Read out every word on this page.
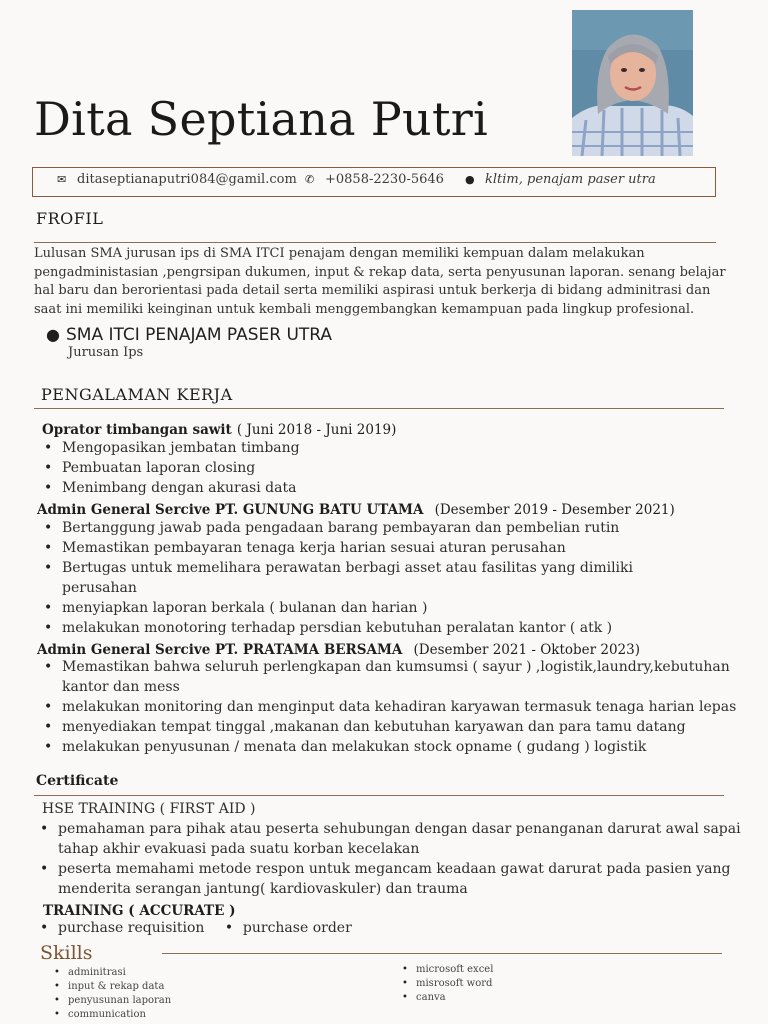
Dita Septiana Putri
✉ ditaseptianaputri084@gamil.com ✆ +0858-2230-5646 ● kltim, penajam paser utra
FROFIL
Lulusan SMA jurusan ips di SMA ITCI penajam dengan memiliki kempuan dalam melakukan
pengadministasian ,pengrsipan dukumen, input & rekap data, serta penyusunan laporan. senang belajar
hal baru dan berorientasi pada detail serta memiliki aspirasi untuk berkerja di bidang adminitrasi dan
saat ini memiliki keinginan untuk kembali menggembangkan kemampuan pada lingkup profesional.
● SMA ITCI PENAJAM PASER UTRA
Jurusan Ips
PENGALAMAN KERJA
Oprator timbangan sawit ( Juni 2018 - Juni 2019)
• Mengopasikan jembatan timbang
• Pembuatan laporan closing
• Menimbang dengan akurasi data
Admin General Sercive PT. GUNUNG BATU UTAMA (Desember 2019 - Desember 2021)
• Bertanggung jawab pada pengadaan barang pembayaran dan pembelian rutin
• Memastikan pembayaran tenaga kerja harian sesuai aturan perusahan
• Bertugas untuk memelihara perawatan berbagi asset atau fasilitas yang dimiliki
perusahan
• menyiapkan laporan berkala ( bulanan dan harian )
• melakukan monotoring terhadap persdian kebutuhan peralatan kantor ( atk )
Admin General Sercive PT. PRATAMA BERSAMA (Desember 2021 - Oktober 2023)
• Memastikan bahwa seluruh perlengkapan dan kumsumsi ( sayur ) ,logistik,laundry,kebutuhan
kantor dan mess
• melakukan monitoring dan menginput data kehadiran karyawan termasuk tenaga harian lepas
• menyediakan tempat tinggal ,makanan dan kebutuhan karyawan dan para tamu datang
• melakukan penyusunan / menata dan melakukan stock opname ( gudang ) logistik
Certificate
HSE TRAINING ( FIRST AID )
• pemahaman para pihak atau peserta sehubungan dengan dasar penanganan darurat awal sapai
tahap akhir evakuasi pada suatu korban kecelakan
• peserta memahami metode respon untuk megancam keadaan gawat darurat pada pasien yang
menderita serangan jantung( kardiovaskuler) dan trauma
TRAINING ( ACCURATE )
• purchase requisition •	purchase order
Skills
• adminitrasi
• input & rekap data
• penyusunan laporan
• communication
• microsoft excel
• misrosoft word
• canva
